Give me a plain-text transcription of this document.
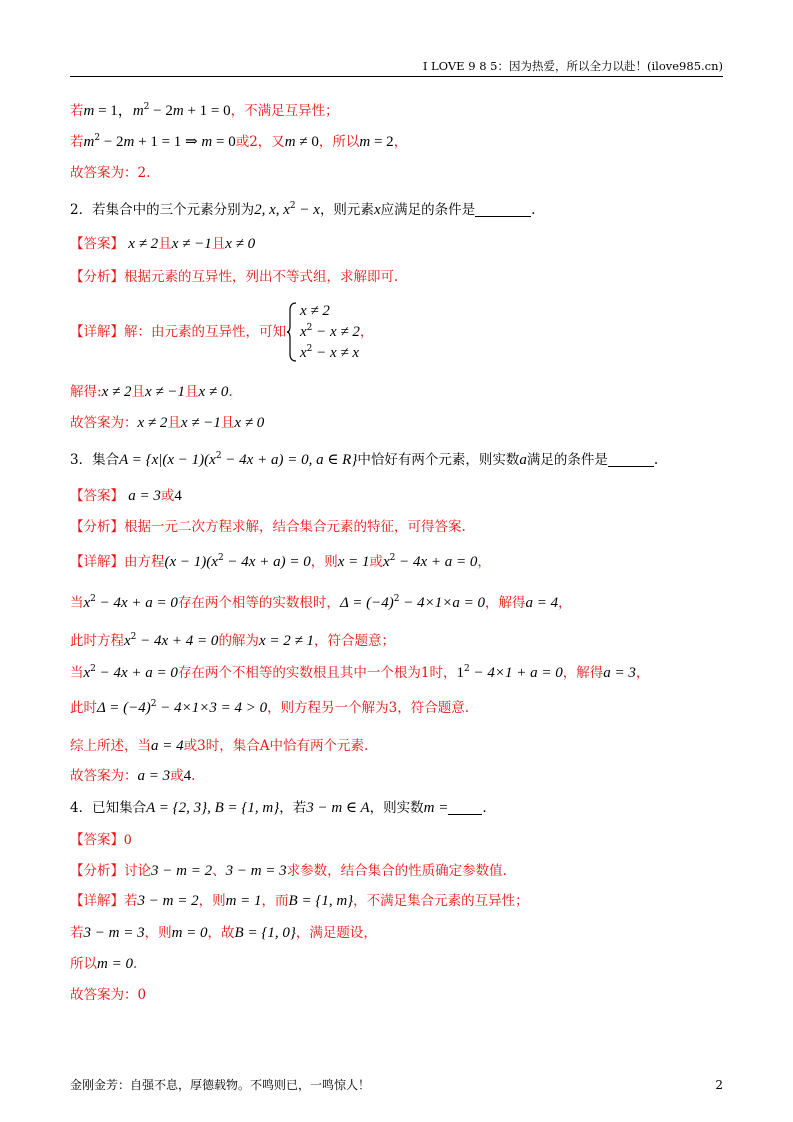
I LOVE 9 8 5：因为热爱，所以全力以赴！(ilove985.cn)
若m = 1，$m^2 - 2m + 1 = 0$，不满足互异性；
若$m^2 - 2m + 1 = 1$ ⇒ m = 0或2，又m ≠ 0，所以m = 2，
故答案为：2.
2．若集合中的三个元素分别为2, x, $x^2 - x$，则元素x应满足的条件是	.
【答案】 x ≠ 2且x ≠ −1且x ≠ 0
【分析】根据元素的互异性，列出不等式组，求解即可.
【详解】解：由元素的互异性，可知
x ≠ 2
$x^2 - x \ne 2$，
$x^2 - x \ne x$
解得:x ≠ 2且x ≠ −1且x ≠ 0.
故答案为：x ≠ 2且x ≠ −1且x ≠ 0
3．集合$A = \{x|(x - 1)(x^2 - 4x + a) = 0$, a ∈ R}中恰好有两个元素，则实数a满足的条件是	.
【答案】 a = 3或4
【分析】根据一元二次方程求解，结合集合元素的特征，可得答案.
【详解】由方程$(x - 1)(x^2 - 4x + a) = 0$，则x = 1或$x^2 - 4x + a = 0$，
当$x^2 - 4x + a = 0$存在两个相等的实数根时，$\Delta = (-4)^2 - 4\times 1\times a = 0$，解得a = 4，
此时方程$x^2 - 4x + 4 = 0$的解为x = 2 ≠ 1，符合题意；
当$x^2 - 4x + a = 0$存在两个不相等的实数根且其中一个根为1时，$1^2 - 4\times 1 + a = 0$，解得a = 3，
此时$\Delta = (-4)^2 - 4\times 1\times 3 = 4 > 0$，则方程另一个解为3，符合题意.
综上所述，当a = 4或3时，集合A中恰有两个元素.
故答案为：a = 3或4.
4．已知集合A = {2, 3}, B = {1, m}，若3 − m ∈ A，则实数m =	.
【答案】0
【分析】讨论3 − m = 2、3 − m = 3求参数，结合集合的性质确定参数值.
【详解】若3 − m = 2，则m = 1，而B = {1, m}，不满足集合元素的互异性；
若3 − m = 3，则m = 0，故B = {1, 0}，满足题设，
所以m = 0.
故答案为：0
金刚金芳：自强不息，厚德载物。不鸣则已，一鸣惊人！	2
